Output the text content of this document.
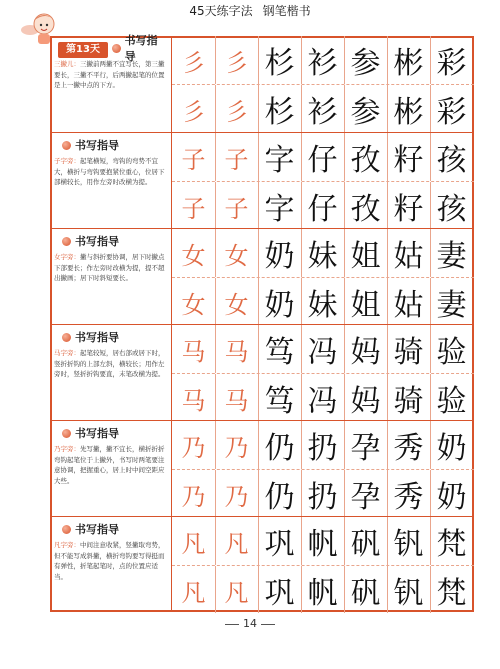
45天练字法 钢笔楷书
书写指导
三撇儿：三撇前两撇不宜写长，第三撇要长，三撇不平行，后两撇起笔的位置是上一撇中点的下方。
彡 彡 杉 衫 参 彬 彩
彡 彡 杉 衫 参 彬 彩
书写指导
子字旁：起笔横短，弯钩的弯势不宜大，横折与弯钩要抱紧位重心，位居下部横较长，用作左旁时改横为提。
子 子 字 仔 孜 籽 孩
子 子 字 仔 孜 籽 孩
书写指导
女字旁：撇与斜折要协调，居下时撇点下部要长；作左旁时改横为提，提不超出撇画；居下时斜短要长。
女 女 奶 妹 姐 姑 妻
女 女 奶 妹 姐 姑 妻
书写指导
马字旁：起笔较短，居右部或居下时，竖折折钩的上部左斜，横较长；用作左旁时，竖折折钩要直，末笔改横为提。
马 马 笃 冯 妈 骑 验
马 马 笃 冯 妈 骑 验
书写指导
乃字旁：先写撇，撇不宜长，横折折折弯钩起笔位于上撇外，书写时两笔要注意协调，把握重心，居上时中间空距应大些。
乃 乃 仍 扔 孕 秀 奶
乃 乃 仍 扔 孕 秀 奶
书写指导
凡字旁：中间注意收紧，竖撇取弯势，但不能写成斜撇，横折弯钩要写得挺而有弹性，折笔起笔时，点的位置应适当。
凡 凡 巩 帆 矾 钒 梵
凡 凡 巩 帆 矾 钒 梵
第13天
14
